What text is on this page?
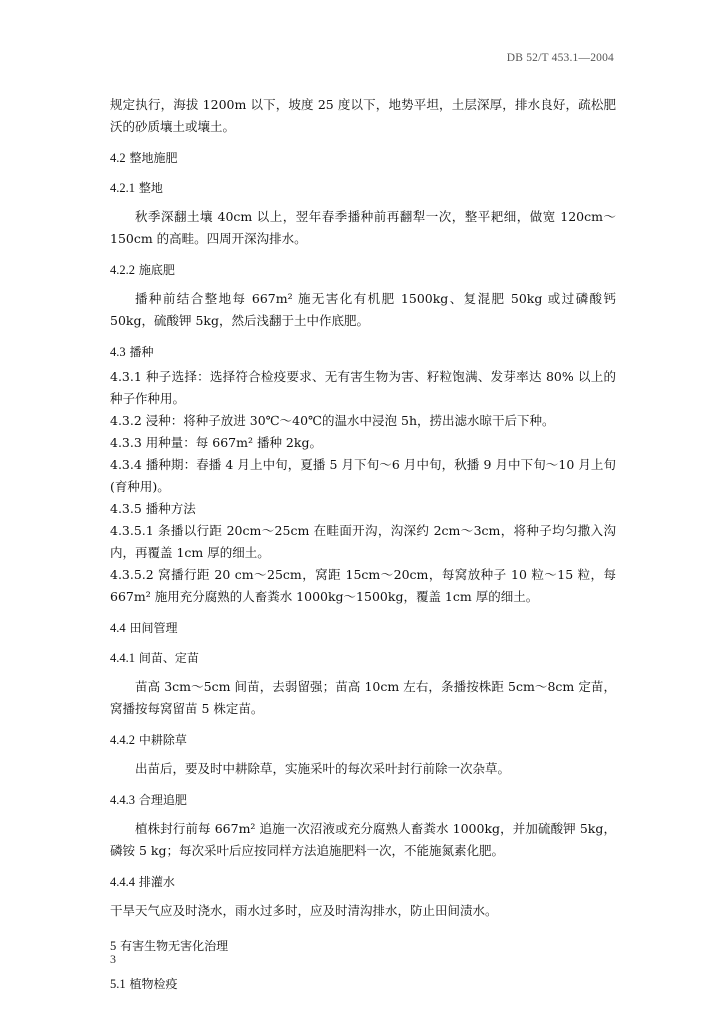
DB 52/T 453.1—2004

规定执行，海拔 1200m 以下，坡度 25 度以下，地势平坦，土层深厚，排水良好，疏松肥沃的砂质壤土或壤土。

4.2 整地施肥
4.2.1 整地

秋季深翻土壤 40cm 以上，翌年春季播种前再翻犁一次，整平耙细，做宽 120cm～150cm 的高畦。四周开深沟排水。

4.2.2 施底肥

播种前结合整地每 667m² 施无害化有机肥 1500kg、复混肥 50kg 或过磷酸钙 50kg，硫酸钾 5kg，然后浅翻于土中作底肥。

4.3 播种

4.3.1 种子选择：选择符合检疫要求、无有害生物为害、籽粒饱满、发芽率达 80% 以上的种子作种用。

4.3.2 浸种：将种子放进 30℃～40℃的温水中浸泡 5h，捞出滤水晾干后下种。

4.3.3 用种量：每 667m² 播种 2kg。

4.3.4 播种期：春播 4 月上中旬，夏播 5 月下旬～6 月中旬，秋播 9 月中下旬～10 月上旬(育种用)。

4.3.5 播种方法

4.3.5.1 条播以行距 20cm～25cm 在畦面开沟，沟深约 2cm～3cm，将种子均匀撒入沟内，再覆盖 1cm 厚的细土。

4.3.5.2 窝播行距 20 cm～25cm，窝距 15cm～20cm，每窝放种子 10 粒～15 粒，每 667m² 施用充分腐熟的人畜粪水 1000kg～1500kg，覆盖 1cm 厚的细土。

4.4 田间管理
4.4.1 间苗、定苗

苗高 3cm～5cm 间苗，去弱留强；苗高 10cm 左右，条播按株距 5cm～8cm 定苗，窝播按每窝留苗 5 株定苗。

4.4.2 中耕除草

出苗后，要及时中耕除草，实施采叶的每次采叶封行前除一次杂草。

4.4.3 合理追肥

植株封行前每 667m² 追施一次沼液或充分腐熟人畜粪水 1000kg，并加硫酸钾 5kg，磷铵 5 kg；每次采叶后应按同样方法追施肥料一次，不能施氮素化肥。

4.4.4 排灌水

干旱天气应及时浇水，雨水过多时，应及时清沟排水，防止田间渍水。

5 有害生物无害化治理
5.1 植物检疫
3
